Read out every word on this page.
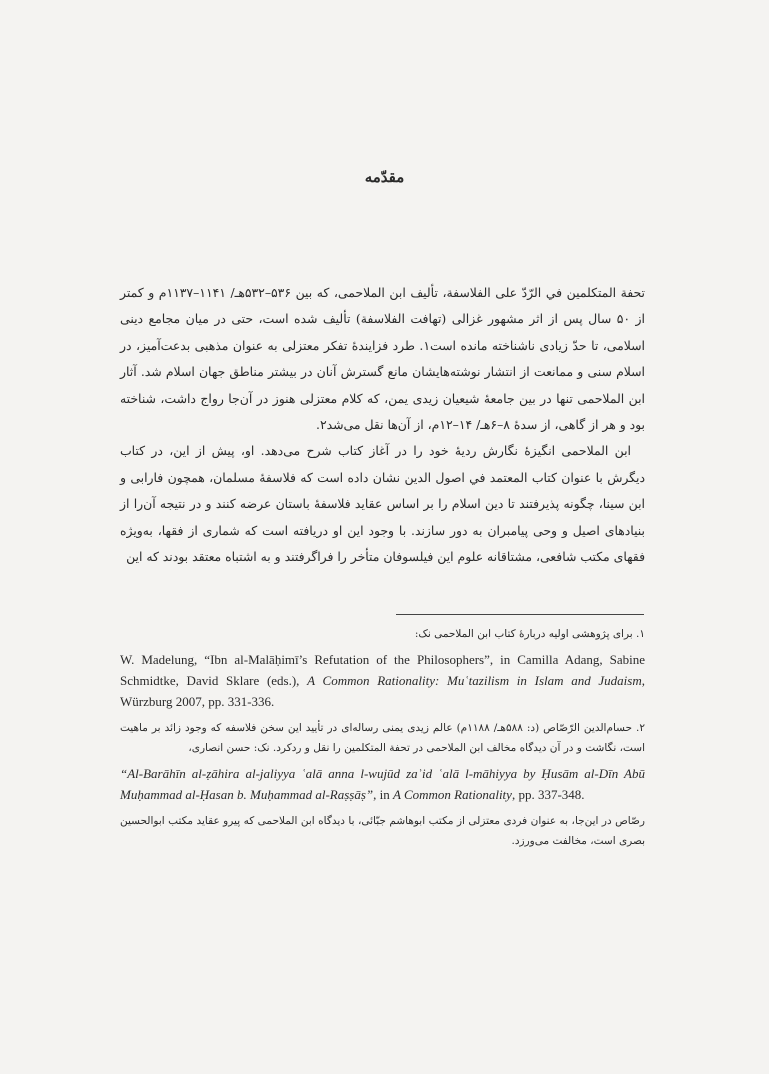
مقدّمه

تحفة المتكلمين في الرّدّ على الفلاسفة، تألیف ابن الملاحمی، که بین ۵۳۶–۵۳۲هـ/ ۱۱۴۱–۱۱۳۷م و کمتر از ۵۰ سال پس از اثر مشهور غزالی (تهافت الفلاسفة) تألیف شده است، حتی در میان مجامع دینی اسلامی، تا حدّ زیادی ناشناخته مانده است۱. طرد فزایندهٔ تفکر معتزلی به عنوان مذهبی بدعت‌آمیز، در اسلام سنی و ممانعت از انتشار نوشته‌هایشان مانع گسترش آنان در بیشتر مناطق جهان اسلام شد. آثار ابن الملاحمی تنها در بین جامعهٔ شیعیان زیدی یمن، که کلام معتزلی هنوز در آن‌جا رواج داشت، شناخته بود و هر از گاهی، از سدهٔ ۸–۶هـ/ ۱۴–۱۲م، از آن‌ها نقل می‌شد۲.

ابن الملاحمی انگیزهٔ نگارش ردیهٔ خود را در آغاز کتاب شرح می‌دهد. او، پیش از این، در کتاب دیگرش با عنوان کتاب المعتمد في اصول الدين نشان داده است که فلاسفهٔ مسلمان، همچون فارابی و ابن سینا، چگونه پذیرفتند تا دین اسلام را بر اساس عقاید فلاسفهٔ باستان عرضه کنند و در نتیجه آن‌را از بنیادهای اصیل و وحی پیامبران به دور سازند. با وجود این او دریافته است که شماری از فقها، به‌ویژه فقهای مکتب شافعی، مشتاقانه علوم این فیلسوفان متأخر را فراگرفتند و به اشتباه معتقد بودند که این

۱. برای پژوهشی اولیه دربارهٔ کتاب ابن الملاحمی نک:

W. Madelung, “Ibn al-Malāḥimī’s Refutation of the Philosophers”, in Camilla Adang, Sabine Schmidtke, David Sklare (eds.), A Common Rationality: Muʿtazilism in Islam and Judaism, Würzburg 2007, pp. 331-336.

۲. حسام‌الدین الرّصّاص (د: ۵۸۸هـ/ ۱۱۸۸م) عالم زیدی یمنی رساله‌ای در تأیید این سخن فلاسفه که وجود زائد بر ماهیت است، نگاشت و در آن دیدگاه مخالف ابن الملاحمی در تحفة المتکلمین را نقل و ردکرد. نک: حسن انصاری،

“Al-Barāhīn al-ẓāhira al-jaliyya ʿalā anna l-wujūd zaʾid ʿalā l-māhiyya by Ḥusām al-Dīn Abū Muḥammad al-Ḥasan b. Muḥammad al-Raṣṣāṣ”, in A Common Rationality, pp. 337-348.

رصّاص در این‌جا، به عنوان فردی معتزلی از مکتب ابوهاشم جبّائی، با دیدگاه ابن الملاحمی که پیرو عقاید مکتب ابوالحسین بصری است، مخالفت می‌ورزد.
